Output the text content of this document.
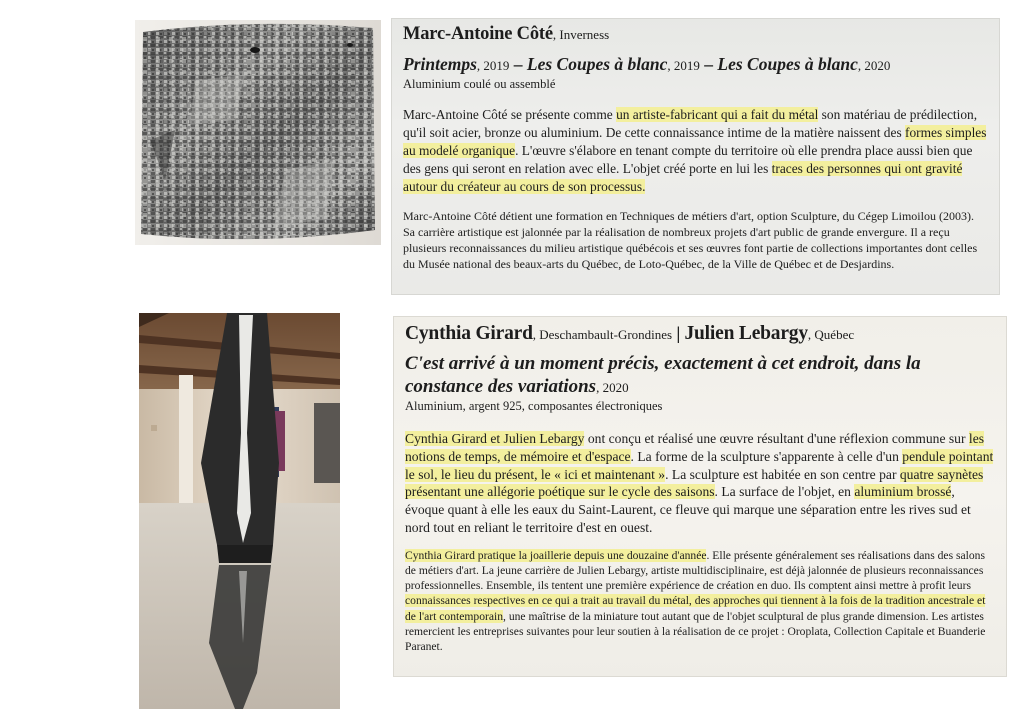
Marc-Antoine Côté, Inverness
Printemps, 2019 – Les Coupes à blanc, 2019 – Les Coupes à blanc, 2020
Aluminium coulé ou assemblé
Marc-Antoine Côté se présente comme un artiste-fabricant qui a fait du métal son matériau de prédilection, qu'il soit acier, bronze ou aluminium. De cette connaissance intime de la matière naissent des formes simples au modelé organique. L'œuvre s'élabore en tenant compte du territoire où elle prendra place aussi bien que des gens qui seront en relation avec elle. L'objet créé porte en lui les traces des personnes qui ont gravité autour du créateur au cours de son processus.
Marc-Antoine Côté détient une formation en Techniques de métiers d'art, option Sculpture, du Cégep Limoilou (2003). Sa carrière artistique est jalonnée par la réalisation de nombreux projets d'art public de grande envergure. Il a reçu plusieurs reconnaissances du milieu artistique québécois et ses œuvres font partie de collections importantes dont celles du Musée national des beaux-arts du Québec, de Loto-Québec, de la Ville de Québec et de Desjardins.
Cynthia Girard, Deschambault-Grondines | Julien Lebargy, Québec
C'est arrivé à un moment précis, exactement à cet endroit, dans la constance des variations, 2020
Aluminium, argent 925, composantes électroniques
Cynthia Girard et Julien Lebargy ont conçu et réalisé une œuvre résultant d'une réflexion commune sur les notions de temps, de mémoire et d'espace. La forme de la sculpture s'apparente à celle d'un pendule pointant le sol, le lieu du présent, le « ici et maintenant ». La sculpture est habitée en son centre par quatre saynètes présentant une allégorie poétique sur le cycle des saisons. La surface de l'objet, en aluminium brossé, évoque quant à elle les eaux du Saint-Laurent, ce fleuve qui marque une séparation entre les rives sud et nord tout en reliant le territoire d'est en ouest.
Cynthia Girard pratique la joaillerie depuis une douzaine d'année. Elle présente généralement ses réalisations dans des salons de métiers d'art. La jeune carrière de Julien Lebargy, artiste multidisciplinaire, est déjà jalonnée de plusieurs reconnaissances professionnelles. Ensemble, ils tentent une première expérience de création en duo. Ils comptent ainsi mettre à profit leurs connaissances respectives en ce qui a trait au travail du métal, des approches qui tiennent à la fois de la tradition ancestrale et de l'art contemporain, une maîtrise de la miniature tout autant que de l'objet sculptural de plus grande dimension. Les artistes remercient les entreprises suivantes pour leur soutien à la réalisation de ce projet : Oroplata, Collection Capitale et Buanderie Paranet.
